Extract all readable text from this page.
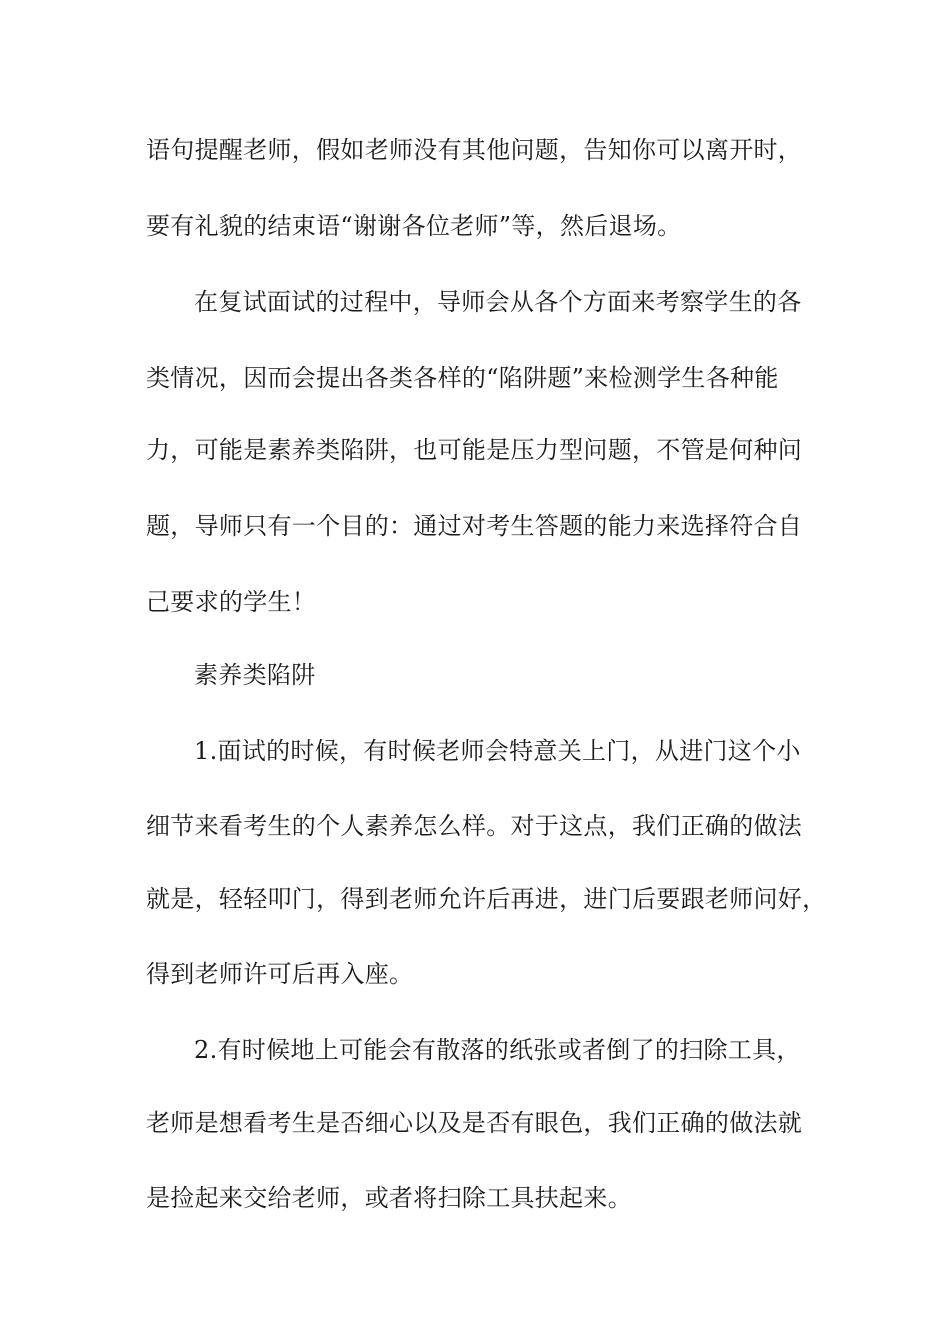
语句提醒老师，假如老师没有其他问题，告知你可以离开时，

要有礼貌的结束语“谢谢各位老师”等，然后退场。

在复试面试的过程中，导师会从各个方面来考察学生的各

类情况，因而会提出各类各样的“陷阱题”来检测学生各种能

力，可能是素养类陷阱，也可能是压力型问题，不管是何种问

题，导师只有一个目的：通过对考生答题的能力来选择符合自

己要求的学生！

素养类陷阱

1.面试的时候，有时候老师会特意关上门，从进门这个小

细节来看考生的个人素养怎么样。对于这点，我们正确的做法

就是，轻轻叩门，得到老师允许后再进，进门后要跟老师问好，

得到老师许可后再入座。

2.有时候地上可能会有散落的纸张或者倒了的扫除工具，

老师是想看考生是否细心以及是否有眼色，我们正确的做法就

是捡起来交给老师，或者将扫除工具扶起来。
